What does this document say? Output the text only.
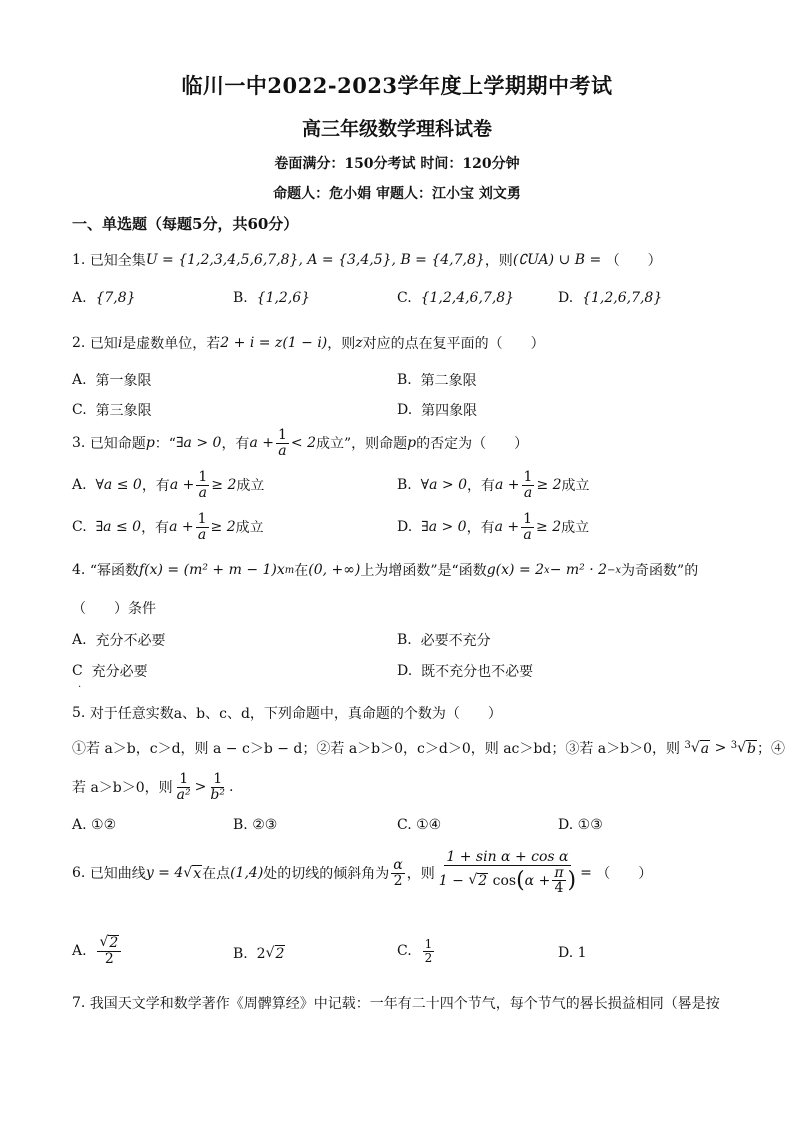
临川一中2022-2023学年度上学期期中考试
高三年级数学理科试卷
卷面满分：150分考试 时间：120分钟
命题人：危小娟 审题人：江小宝 刘文勇
一、单选题（每题5分，共60分）
1.
已知全集 U = {1,2,3,4,5,6,7,8}, A = {3,4,5}, B = {4,7,8} ，则 (∁UA) ∪ B =
（　　）
A.
{7,8}	B.
{1,2,6}	C.
{1,2,4,6,7,8}	D.
{1,2,6,7,8}
2.
已知 i 是虚数单位，若 2 + i = z(1 − i) ，则 z 对应的点在复平面的（　　）
A.
第一象限	B.
第二象限
C.
第三象限	D.
第四象限
3.
已知命题 p ：“ ∃a > 0 ，有 $a + \frac{1}{a} < 2$ 成立”，则命题 p 的否定为（　　）
A.
∀a ≤ 0 ，有 $a + \frac{1}{a} \ge 2$ 成立	B.
∀a > 0 ，有 $a + \frac{1}{a} \ge 2$ 成立
C.
∃a ≤ 0 ，有 $a + \frac{1}{a} \ge 2$ 成立	D.
∃a > 0 ，有 $a + \frac{1}{a} \ge 2$ 成立
4.
“幂函数 f(x) = (m² + m − 1)x m 在 (0, +∞) 上为增函数”是“函数 g(x) = 2 x − m² · 2 −x 为奇函数”的
（　　）条件
A.
充分不必要	B.
必要不充分
C
充分必要	D.
既不充分也不必要
.
5.
对于任意实数a、b、c、d，下列命题中，真命题的个数为（　　）
①若 a＞b，c＞d，则 a − c＞b − d；②若 a＞b＞0，c＞d＞0，则 ac＞bd；③若 a＞b＞0，则
3 √ a
>
3 √ b ；④
若 a＞b＞0，则 $\frac{1}{\text{a²}} > \frac{1}{\text{b²}}$ .
A.
①②	B.
②③	C.
①④	D.
①③
6.
已知曲线 y = 4 √ x 在点 (1,4) 处的切线的倾斜角为 $\frac{\alpha}{2}$ ，则
1 + sin α + cos α
1 −
√ 2
cos ( $\alpha + \frac{\pi}{4}$ ) =
（　　）
A.
$\frac{√ 2}{2}$	B.
2 √ 2	C.
$\frac{1}{2}$	D.
1
7.
我国天文学和数学著作《周髀算经》中记载：一年有二十四个节气，每个节气的晷长损益相同（晷是按
